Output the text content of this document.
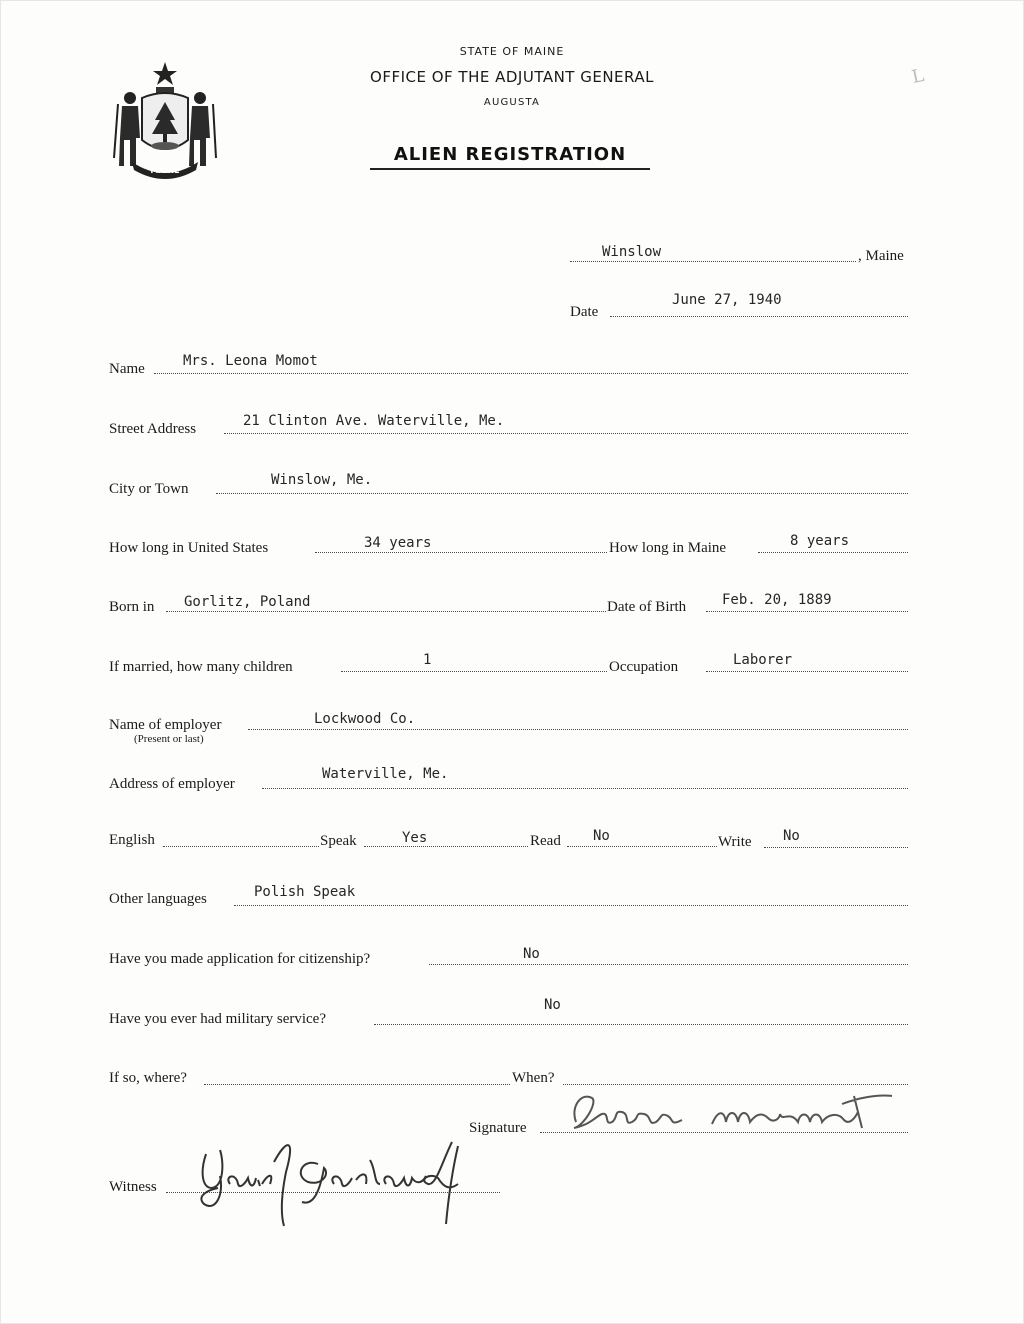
MAINE
STATE OF MAINE
OFFICE OF THE ADJUTANT GENERAL
AUGUSTA
ALIEN REGISTRATION
L
Winslow	, Maine
Date
June 27, 1940
Name	Mrs. Leona Momot
Street Address	21 Clinton Ave. Waterville, Me.
City or Town
Winslow, Me.
How long in United States	34 years	How long in Maine	8 years
Born in Gorlitz, Poland	Date of Birth	Feb. 20, 1889
If married, how many children	1	Occupation	Laborer
Name of employer
(Present or last)
Lockwood Co.
Address of employer
Waterville, Me.
English	Speak	Yes	Read No	Write No
Other languages	Polish Speak
Have you made application for citizenship?	No
Have you ever had military service?
No
If so, where?	When?
Signature
Witness
